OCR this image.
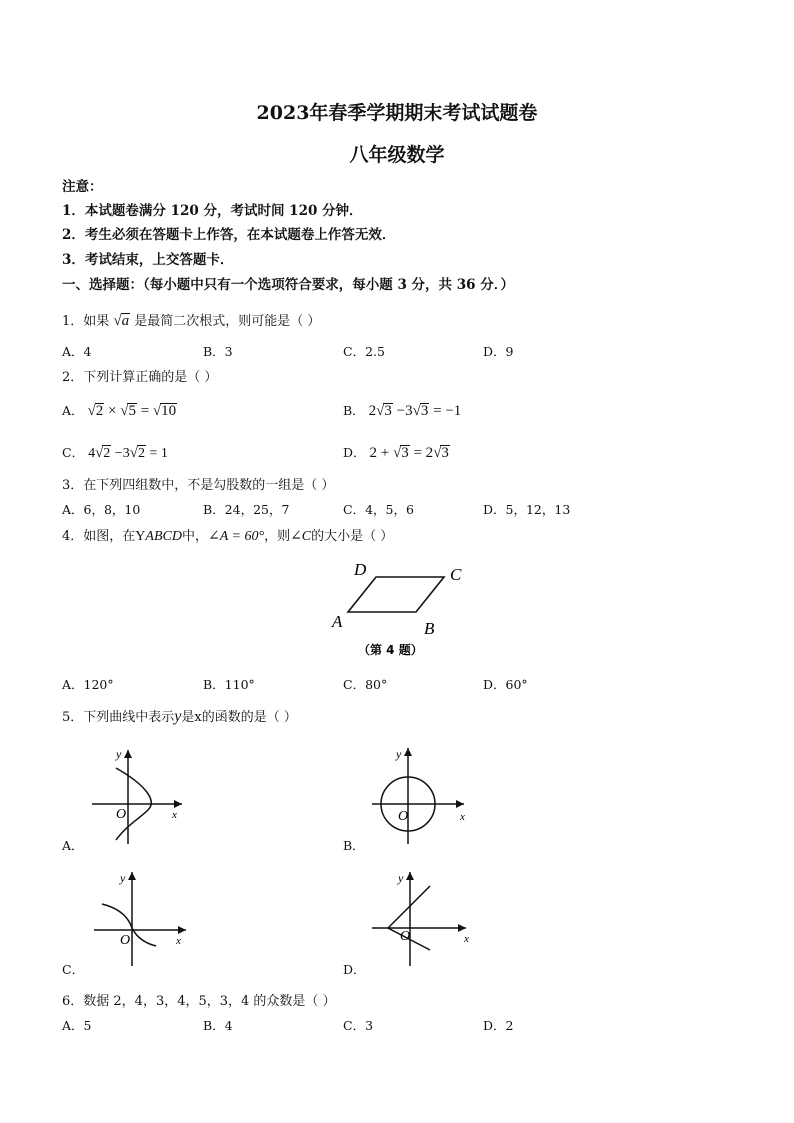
2023年春季学期期末考试试题卷
八年级数学
注意：
1．本试题卷满分 120 分，考试时间 120 分钟．
2．考生必须在答题卡上作答，在本试题卷上作答无效．
3．考试结束，上交答题卡．
一、选择题：（每小题中只有一个选项符合要求，每小题 3 分，共 36 分．）
1．如果 √a 是最简二次根式，则可能是（ ）
A．4	B．3	C．2.5	D．9
2．下列计算正确的是（ ）
A． √2 × √5 = √10	B． 2√3 −3√3 = −1
C． 4√2 −3√2 = 1	D． 2 + √3 = 2√3
3．在下列四组数中，不是勾股数的一组是（ ）
A．6，8，10	B．24，25，7	C．4，5，6	D．5，12，13
4．如图，在YABCD中，∠A = 60°，则∠C的大小是（ ）
A	B
C
D
（第 4 题）
A．120°	B．110°	C．80°	D．60°
5．下列曲线中表示y是x的函数的是（ ）
y
x
O
A．
y
x
O
B．
y
x
O
C．
y
x
O
D．
6．数据 2，4，3，4，5，3，4 的众数是（ ）
A．5	B．4	C．3	D．2
